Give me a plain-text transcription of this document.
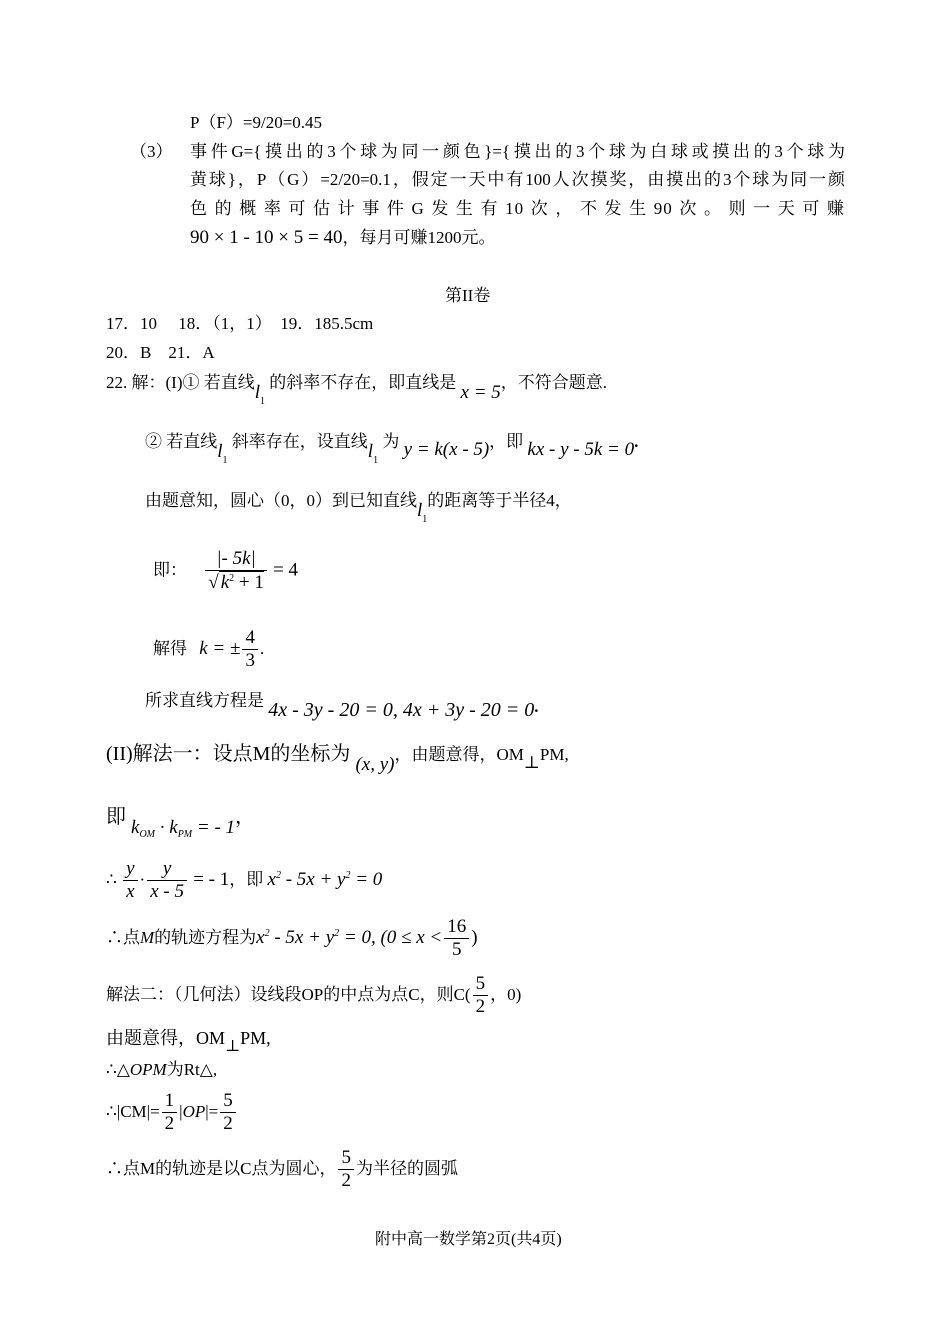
P（F）=9/20=0.45
（3） 事件G={摸出的3个球为同一颜色}={摸出的3个球为白球或摸出的3个球为
黄球}，P（G）=2/20=0.1，假定一天中有100人次摸奖，由摸出的3个球为同一颜
色的概率可估计事件G发生有10次，不发生90次。则一天可赚
90 × 1 - 10 × 5 = 40，每月可赚1200元。
第II卷
17．10　 18．（1，1）　19．185.5cm
20．B　21．A
22. 解：(I)① 若直线$l_1$ 的斜率不存在，即直线是 x = 5，不符合题意.
② 若直线$l_1$ 斜率存在，设直线$l_1$ 为 y = k(x - 5)，即 kx - y - 5k = 0.
由题意知，圆心（0，0）到已知直线$l_1$的距离等于半径4，
即： $\frac{|- 5k|}{√ k^2 + 1} = 4$
解得 k = ± $\frac{4}{3}$ .
所求直线方程是 4x - 3y - 20 = 0, 4x + 3y - 20 = 0.
(II)解法一：设点M的坐标为 (x, y)，由题意得，$OM_\perp PM$,
即 $k_{OM} \cdot k_{PM}$ = - 1，
∴ $\frac{y}{x} \cdot \frac{y}{x - 5}$ = - 1，即 $x^2 - 5x + y^2 = 0$
∴点M的轨迹方程为$x^2 - 5x + y^2 = 0$, ($0 \le x < \frac{16}{5}$ )
解法二：（几何法）设线段OP的中点为点C，则$C( \frac{5}{2}$ ，0)
由题意得，OM⊥PM,
∴△OPM为Rt△,
∴|CM|= $\frac{1}{2} |OP|= \frac{5}{2}$
∴点M的轨迹是以C点为圆心， $\frac{5}{2}$ 为半径的圆弧
附中高一数学第2页(共4页)
